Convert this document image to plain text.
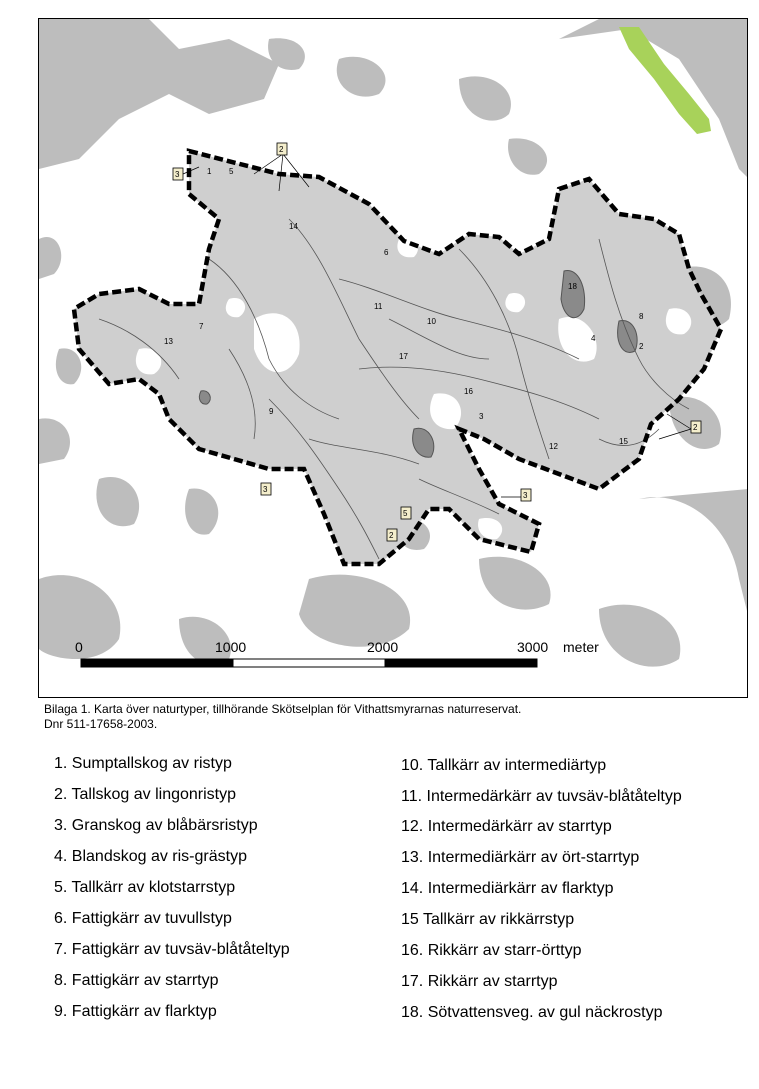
1
2
3
4
5
6
7
8
9
10
11
12
13
14
15
16
17
18
2
3
3
5
2
3
2
0	1000	2000	3000 meter
Bilaga 1. Karta över naturtyper, tillhörande Skötselplan för Vithattsmyrarnas naturreservat.
Dnr 511-17658-2003.
1. Sumptallskog av ristyp
2. Tallskog av lingonristyp
3. Granskog av blåbärsristyp
4. Blandskog av ris-grästyp
5. Tallkärr av klotstarrstyp
6. Fattigkärr av tuvullstyp
7. Fattigkärr av tuvsäv-blåtåteltyp
8. Fattigkärr av starrtyp
9. Fattigkärr av flarktyp
10. Tallkärr av intermediärtyp
11. Intermedärkärr av tuvsäv-blåtåteltyp
12. Intermedärkärr av starrtyp
13. Intermediärkärr av ört-starrtyp
14. Intermediärkärr av flarktyp
15 Tallkärr av rikkärrstyp
16. Rikkärr av starr-örttyp
17. Rikkärr av starrtyp
18. Sötvattensveg. av gul näckrostyp
